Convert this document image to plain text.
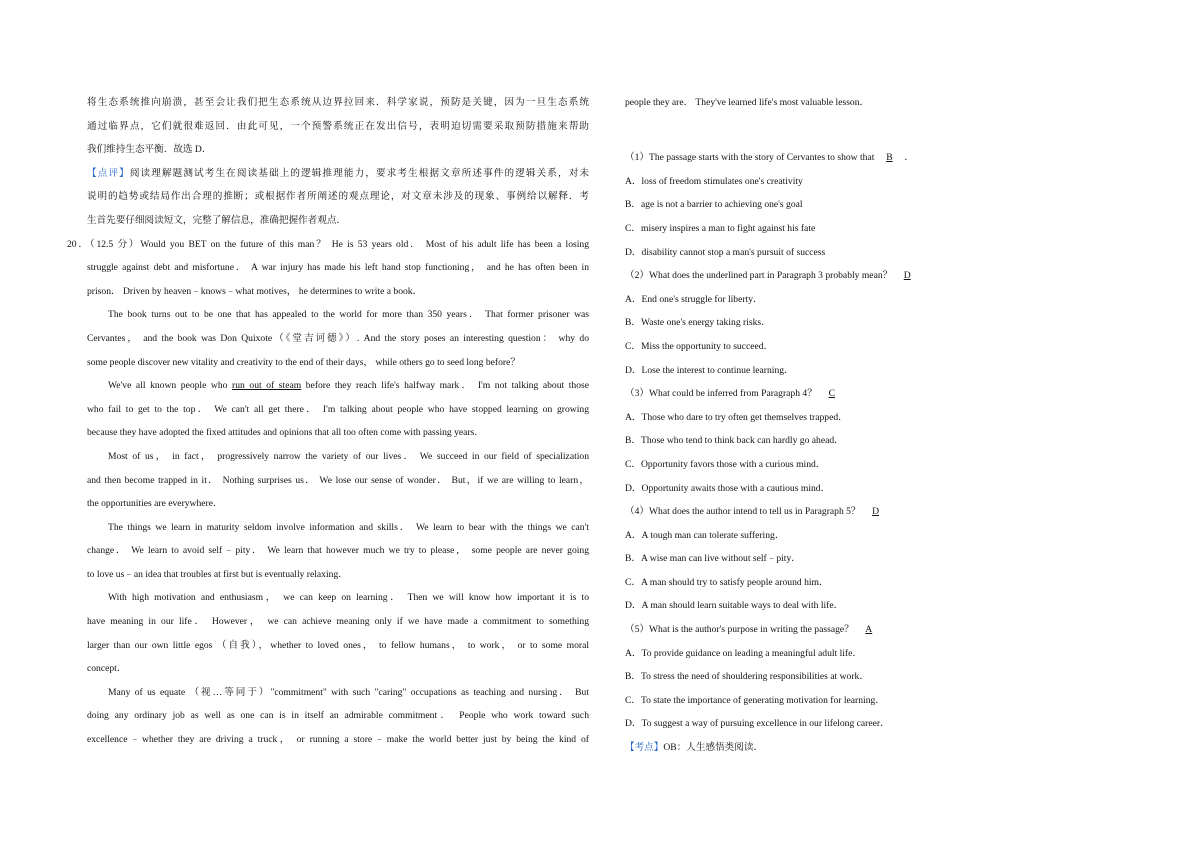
将生态系统推向崩溃，甚至会让我们把生态系统从边界拉回来．科学家说，预防是关键，因为一旦生态系统
通过临界点，它们就很难返回．由此可见，一个预警系统正在发出信号，表明迫切需要采取预防措施来帮助
我们维持生态平衡．故选 D．
【点评】阅读理解题测试考生在阅读基础上的逻辑推理能力，要求考生根据文章所述事件的逻辑关系，对未
说明的趋势或结局作出合理的推断；或根据作者所阐述的观点理论，对文章未涉及的现象、事例给以解释．考
生首先要仔细阅读短文，完整了解信息，准确把握作者观点．
20．（12.5 分）Would you BET on the future of this man？ He is 53 years old． Most of his adult life has been a losing
struggle against debt and misfortune． A war injury has made his left hand stop functioning， and he has often been in
prison． Driven by heaven﹣knows﹣what motives， he determines to write a book．
The book turns out to be one that has appealed to the world for more than 350 years． That former prisoner was
Cervantes， and the book was Don Quixote（《堂吉诃德》）. And the story poses an interesting question： why do
some people discover new vitality and creativity to the end of their days， while others go to seed long before？
We've all known people who run out of steam before they reach life's halfway mark． I'm not talking about those
who fail to get to the top． We can't all get there． I'm talking about people who have stopped learning on growing
because they have adopted the fixed attitudes and opinions that all too often come with passing years．
Most of us， in fact， progressively narrow the variety of our lives． We succeed in our field of specialization
and then become trapped in it． Nothing surprises us． We lose our sense of wonder． But，if we are willing to learn，
the opportunities are everywhere．
The things we learn in maturity seldom involve information and skills． We learn to bear with the things we can't
change． We learn to avoid self﹣pity． We learn that however much we try to please， some people are never going
to love us﹣an idea that troubles at first but is eventually relaxing．
With high motivation and enthusiasm， we can keep on learning． Then we will know how important it is to
have meaning in our life． However， we can achieve meaning only if we have made a commitment to something
larger than our own little egos （自我），whether to loved ones， to fellow humans， to work， or to some moral
concept．
Many of us equate （视…等同于）"commitment" with such "caring" occupations as teaching and nursing． But
doing any ordinary job as well as one can is in itself an admirable commitment． People who work toward such
excellence﹣whether they are driving a truck， or running a store﹣make the world better just by being the kind of
people they are． They've learned life's most valuable lesson．
（1）The passage starts with the story of Cervantes to show that B ．
A．loss of freedom stimulates one's creativity
B．age is not a barrier to achieving one's goal
C．misery inspires a man to fight against his fate
D．disability cannot stop a man's pursuit of success
（2）What does the underlined part in Paragraph 3 probably mean？ D
A．End one's struggle for liberty．
B．Waste one's energy taking risks．
C．Miss the opportunity to succeed．
D．Lose the interest to continue learning．
（3）What could be inferred from Paragraph 4？ C
A．Those who dare to try often get themselves trapped．
B．Those who tend to think back can hardly go ahead．
C．Opportunity favors those with a curious mind．
D．Opportunity awaits those with a cautious mind．
（4）What does the author intend to tell us in Paragraph 5？ D
A．A tough man can tolerate suffering．
B．A wise man can live without self﹣pity．
C．A man should try to satisfy people around him．
D．A man should learn suitable ways to deal with life．
（5）What is the author's purpose in writing the passage？ A
A．To provide guidance on leading a meaningful adult life．
B．To stress the need of shouldering responsibilities at work．
C．To state the importance of generating motivation for learning．
D．To suggest a way of pursuing excellence in our lifelong career．
【考点】OB：人生感悟类阅读．
